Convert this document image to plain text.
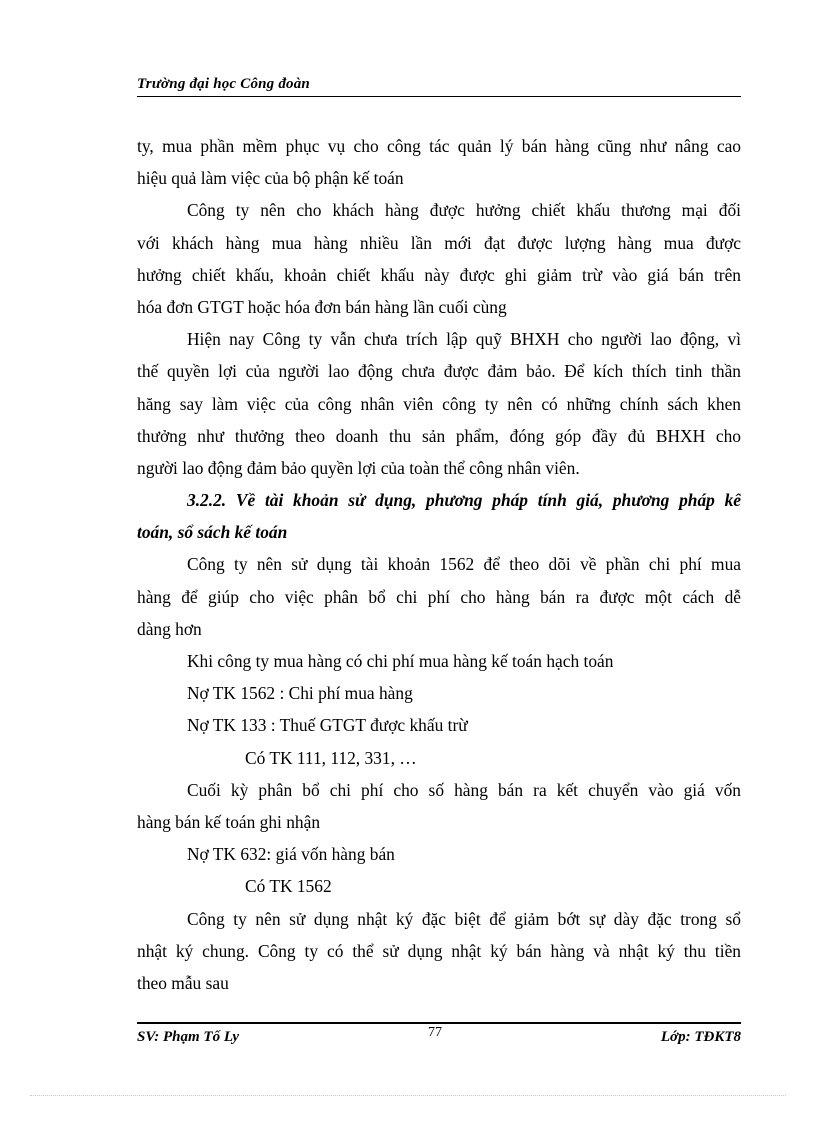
Trường đại học Công đoàn
ty, mua phần mềm phục vụ cho công tác quản lý bán hàng cũng như nâng cao
hiệu quả làm việc của bộ phận kế toán
Công ty nên cho khách hàng được hưởng chiết khấu thương mại đối
với khách hàng mua hàng nhiều lần mới đạt được lượng hàng mua được
hưởng chiết khấu, khoản chiết khấu này được ghi giảm trừ vào giá bán trên
hóa đơn GTGT hoặc hóa đơn bán hàng lần cuối cùng
Hiện nay Công ty vẫn chưa trích lập quỹ BHXH cho người lao động, vì
thế quyền lợi của người lao động chưa được đảm bảo. Để kích thích tinh thần
hăng say làm việc của công nhân viên công ty nên có những chính sách khen
thưởng như thưởng theo doanh thu sản phẩm, đóng góp đầy đủ BHXH cho
người lao động đảm bảo quyền lợi của toàn thể công nhân viên.
3.2.2. Về tài khoản sử dụng, phương pháp tính giá, phương pháp kế
toán, sổ sách kế toán
Công ty nên sử dụng tài khoản 1562 để theo dõi về phần chi phí mua
hàng để giúp cho việc phân bổ chi phí cho hàng bán ra được một cách dễ
dàng hơn
Khi công ty mua hàng có chi phí mua hàng kế toán hạch toán
Nợ TK 1562 : Chi phí mua hàng
Nợ TK 133 : Thuế GTGT được khấu trừ
Có TK 111, 112, 331, …
Cuối kỳ phân bổ chi phí cho số hàng bán ra kết chuyển vào giá vốn
hàng bán kế toán ghi nhận
Nợ TK 632: giá vốn hàng bán
Có TK 1562
Công ty nên sử dụng nhật ký đặc biệt để giảm bớt sự dày đặc trong sổ
nhật ký chung. Công ty có thể sử dụng nhật ký bán hàng và nhật ký thu tiền
theo mẫu sau
SV: Phạm Tố Ly	77	Lớp: TĐKT8
